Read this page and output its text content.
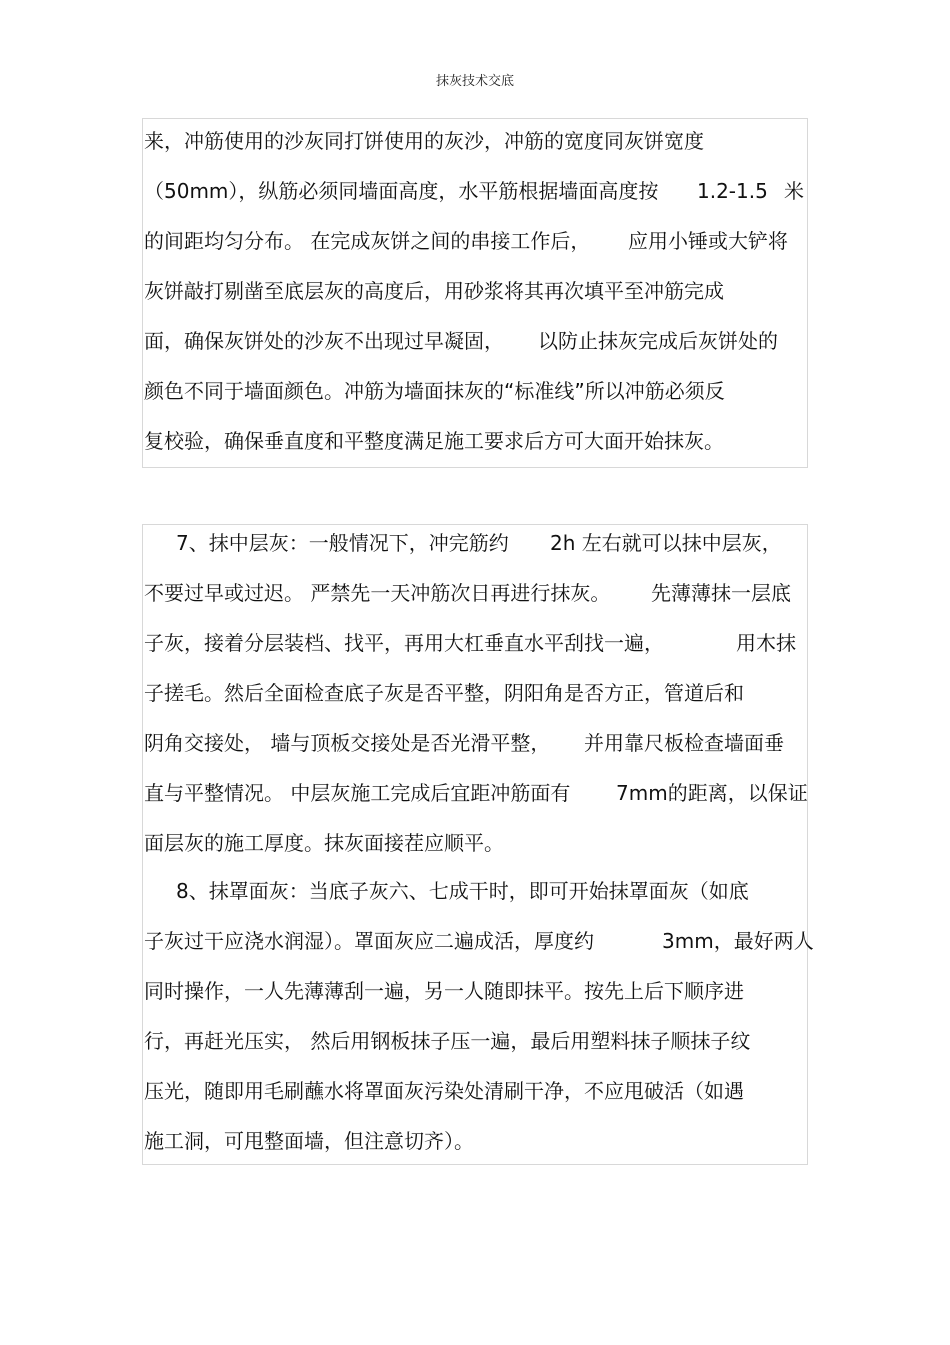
抹灰技术交底
来，冲筋使用的沙灰同打饼使用的灰沙，冲筋的宽度同灰饼宽度
（50mm），纵筋必须同墙面高度，水平筋根据墙面高度按 1.2-1.5 米
的间距均匀分布。 在完成灰饼之间的串接工作后， 应用小锤或大铲将
灰饼敲打剔凿至底层灰的高度后，用砂浆将其再次填平至冲筋完成
面，确保灰饼处的沙灰不出现过早凝固， 以防止抹灰完成后灰饼处的
颜色不同于墙面颜色。冲筋为墙面抹灰的“标准线”所以冲筋必须反
复校验，确保垂直度和平整度满足施工要求后方可大面开始抹灰。
7、抹中层灰：一般情况下，冲完筋约 2h 左右就可以抹中层灰，
不要过早或过迟。 严禁先一天冲筋次日再进行抹灰。 先薄薄抹一层底
子灰，接着分层装档、找平，再用大杠垂直水平刮找一遍，	用木抹
子搓毛。然后全面检查底子灰是否平整，阴阳角是否方正，管道后和
阴角交接处， 墙与顶板交接处是否光滑平整， 并用靠尺板检查墙面垂
直与平整情况。 中层灰施工完成后宜距冲筋面有 7mm的距离，以保证
面层灰的施工厚度。抹灰面接茬应顺平。
8、抹罩面灰：当底子灰六、七成干时，即可开始抹罩面灰（如底
子灰过干应浇水润湿）。罩面灰应二遍成活，厚度约	3mm，最好两人
同时操作，一人先薄薄刮一遍，另一人随即抹平。按先上后下顺序进
行，再赶光压实， 然后用钢板抹子压一遍，最后用塑料抹子顺抹子纹
压光，随即用毛刷蘸水将罩面灰污染处清刷干净，不应甩破活（如遇
施工洞，可甩整面墙，但注意切齐）。
